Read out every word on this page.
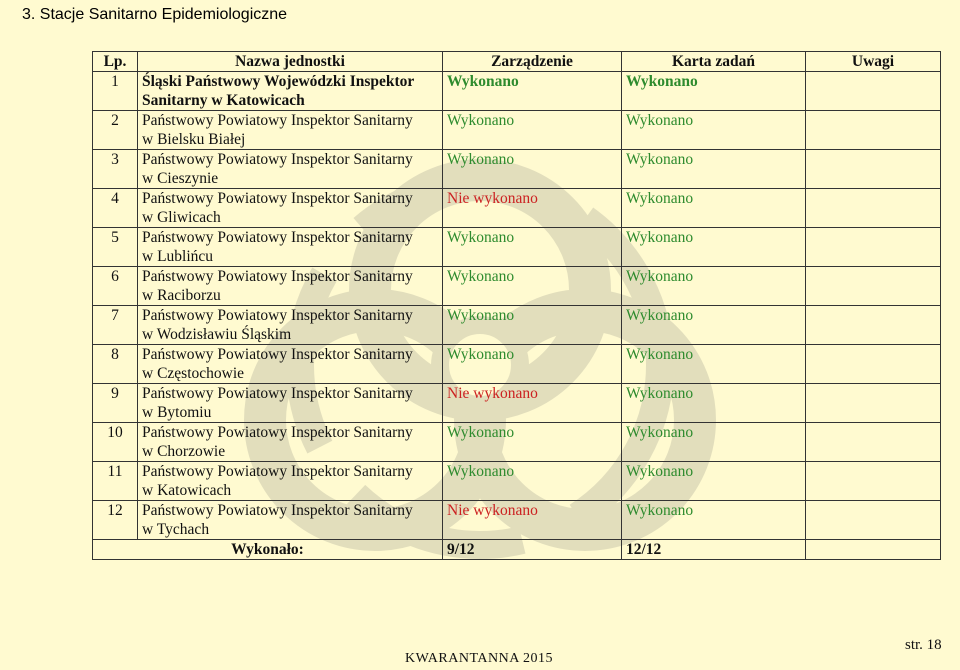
3. Stacje Sanitarno Epidemiologiczne
Lp.	Nazwa jednostki	Zarządzenie	Karta zadań	Uwagi
1	Śląski Państwowy Wojewódzki Inspektor
Sanitarny w Katowicach	Wykonano	Wykonano	
2	Państwowy Powiatowy Inspektor Sanitarny
w Bielsku Białej	Wykonano	Wykonano	
3	Państwowy Powiatowy Inspektor Sanitarny
w Cieszynie	Wykonano	Wykonano	
4	Państwowy Powiatowy Inspektor Sanitarny
w Gliwicach	Nie wykonano	Wykonano	
5	Państwowy Powiatowy Inspektor Sanitarny
w Lublińcu	Wykonano	Wykonano	
6	Państwowy Powiatowy Inspektor Sanitarny
w Raciborzu	Wykonano	Wykonano	
7	Państwowy Powiatowy Inspektor Sanitarny
w Wodzisławiu Śląskim	Wykonano	Wykonano	
8	Państwowy Powiatowy Inspektor Sanitarny
w Częstochowie	Wykonano	Wykonano	
9	Państwowy Powiatowy Inspektor Sanitarny
w Bytomiu	Nie wykonano	Wykonano	
10	Państwowy Powiatowy Inspektor Sanitarny
w Chorzowie	Wykonano	Wykonano	
11	Państwowy Powiatowy Inspektor Sanitarny
w Katowicach	Wykonano	Wykonano	
12	Państwowy Powiatowy Inspektor Sanitarny
w Tychach	Nie wykonano	Wykonano	
Wykonało:		9/12	12/12	
str. 18
KWARANTANNA 2015
